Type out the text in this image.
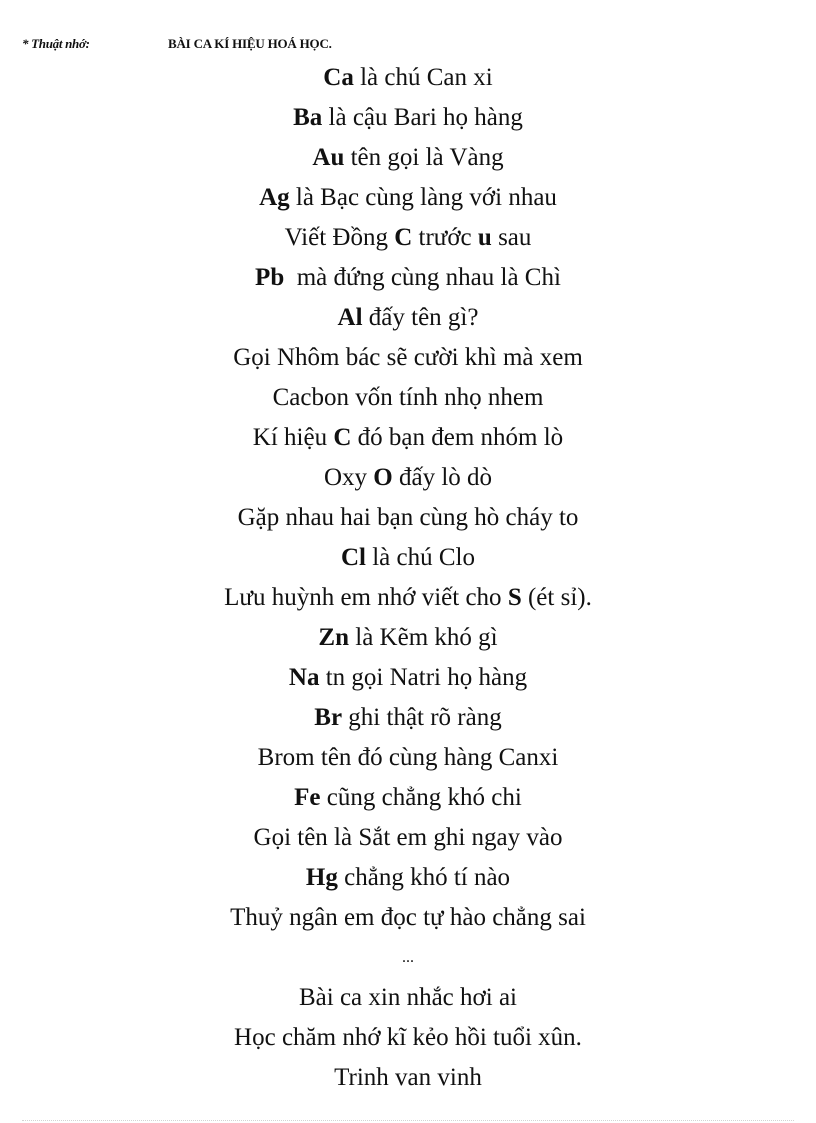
* Thuật nhớ:	BÀI CA KÍ HIỆU HOÁ HỌC.
Ca là chú Can xi
Ba là cậu Bari họ hàng
Au tên gọi là Vàng
Ag là Bạc cùng làng với nhau
Viết Đồng C trước u sau
Pb  mà đứng cùng nhau là Chì
Al đấy tên gì?
Gọi Nhôm bác sẽ cười khì mà xem
Cacbon vốn tính nhọ nhem
Kí hiệu C đó bạn đem nhóm lò
Oxy O đấy lò dò
Gặp nhau hai bạn cùng hò cháy to
Cl là chú Clo
Lưu huỳnh em nhớ viết cho S (ét sỉ).
Zn là Kẽm khó gì
Na tn gọi Natri họ hàng
Br ghi thật rõ ràng
Brom tên đó cùng hàng Canxi
Fe cũng chẳng khó chi
Gọi tên là Sắt em ghi ngay vào
Hg chẳng khó tí nào
Thuỷ ngân em đọc tự hào chẳng sai
...
Bài ca xin nhắc hơi ai
Học chăm nhớ kĩ kẻo hồi tuổi xûn.
Trinh van vinh
